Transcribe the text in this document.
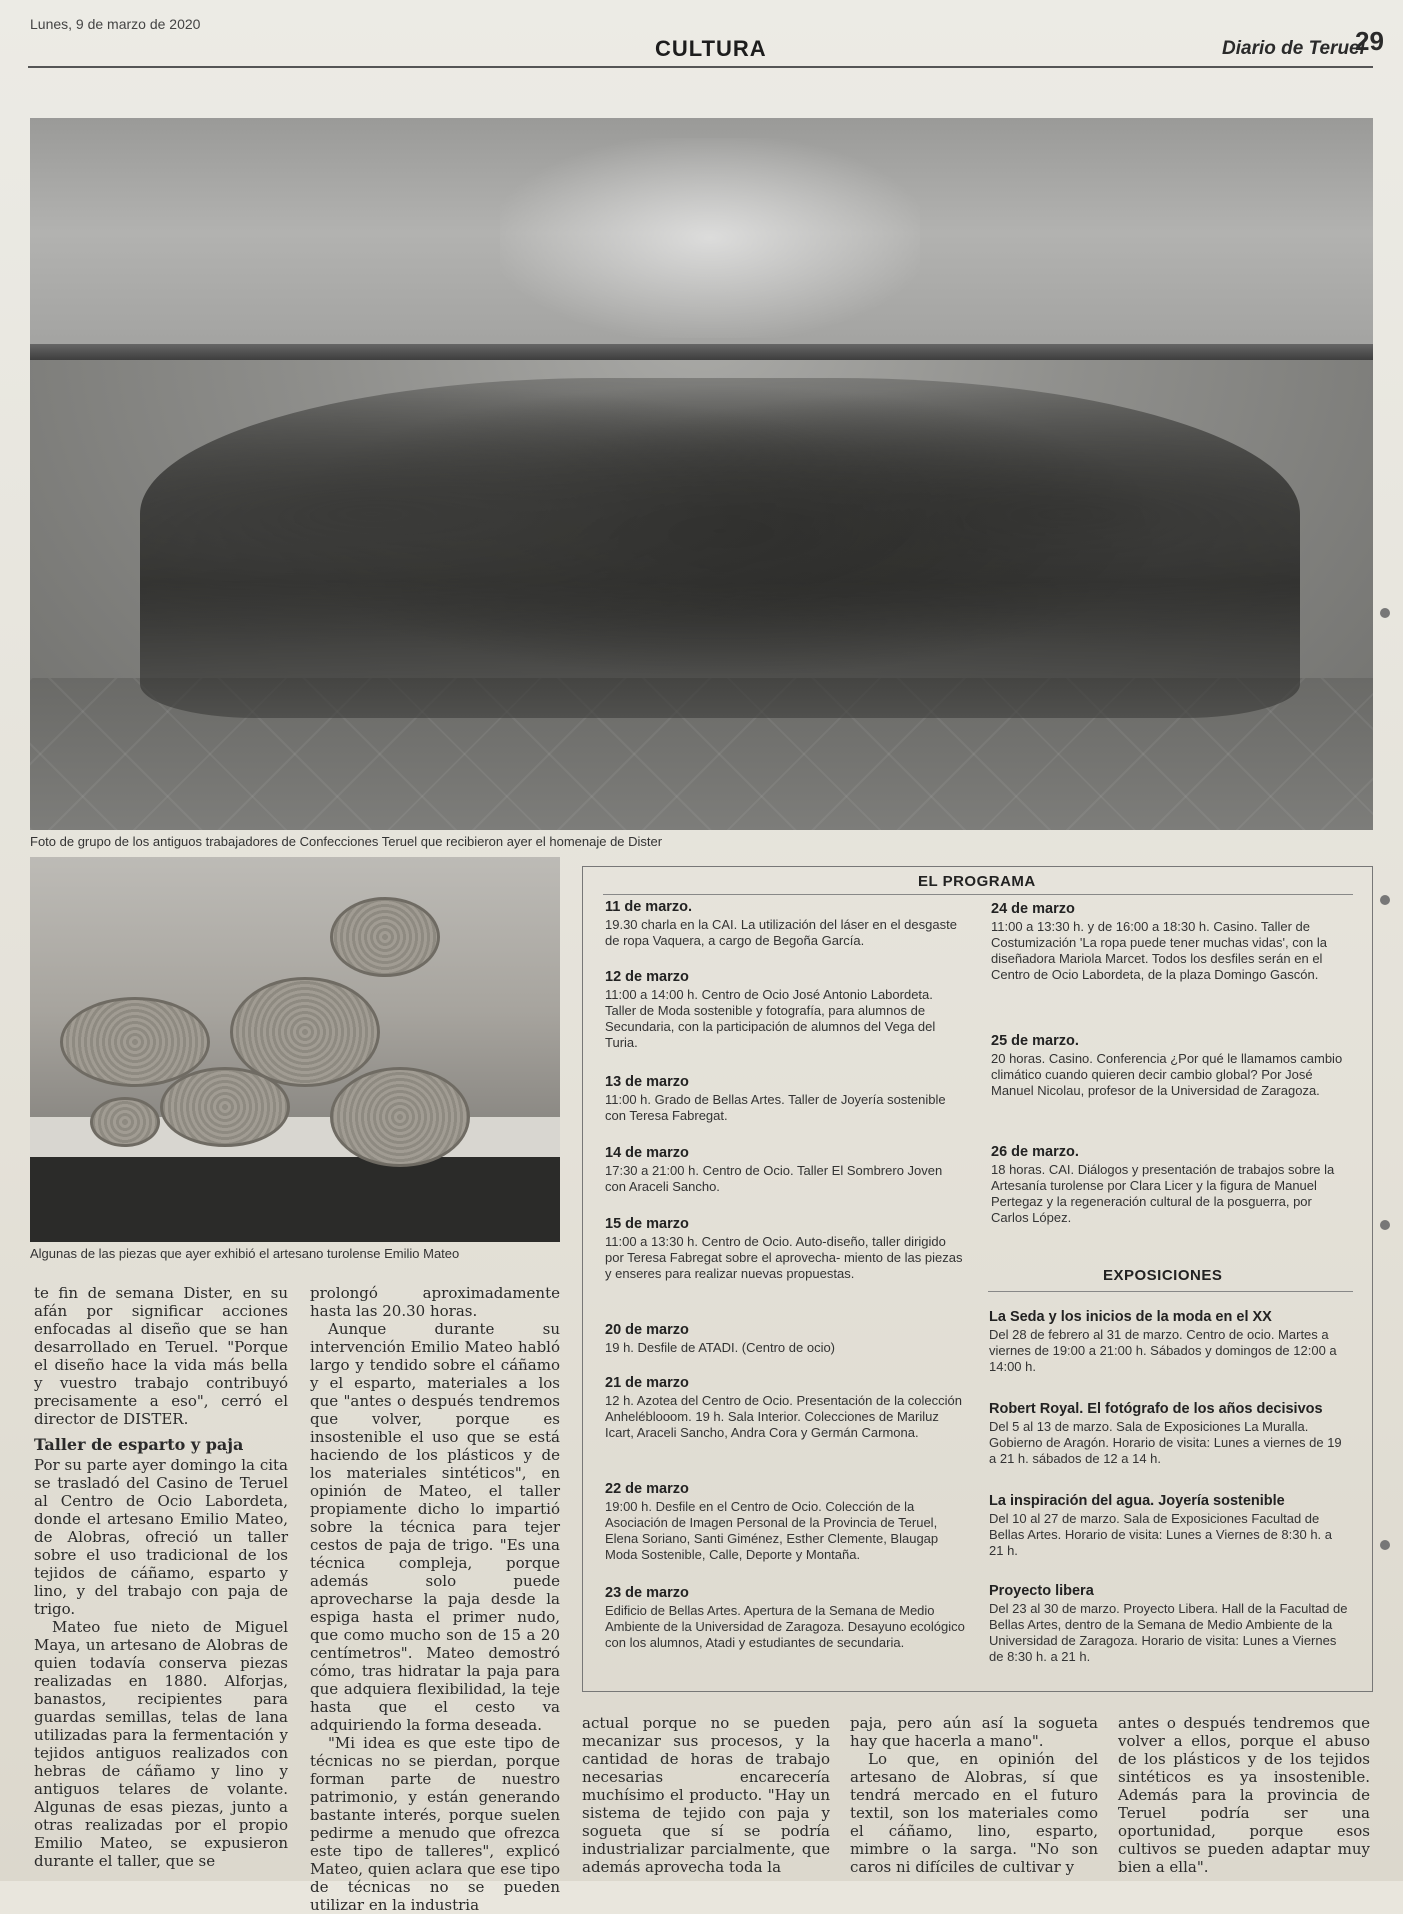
Lunes, 9 de marzo de 2020
CULTURA	Diario de Teruel
29
Foto de grupo de los antiguos trabajadores de Confecciones Teruel que recibieron ayer el homenaje de Dister
Algunas de las piezas que ayer exhibió el artesano turolense Emilio Mateo

te fin de semana Dister, en su afán por significar acciones enfocadas al diseño que se han desarrollado en Teruel. "Porque el diseño hace la vida más bella y vuestro trabajo contribuyó precisamente a eso", cerró el director de DISTER.

Taller de esparto y paja

Por su parte ayer domingo la cita se trasladó del Casino de Teruel al Centro de Ocio Labordeta, donde el artesano Emilio Mateo, de Alobras, ofreció un taller sobre el uso tradicional de los tejidos de cáñamo, esparto y lino, y del trabajo con paja de trigo.

Mateo fue nieto de Miguel Maya, un artesano de Alobras de quien todavía conserva piezas realizadas en 1880. Alforjas, banastos, recipientes para guardas semillas, telas de lana utilizadas para la fermentación y tejidos antiguos realizados con hebras de cáñamo y lino y antiguos telares de volante. Algunas de esas piezas, junto a otras realizadas por el propio Emilio Mateo, se expusieron durante el taller, que se

prolongó aproximadamente hasta las 20.30 horas.

Aunque durante su intervención Emilio Mateo habló largo y tendido sobre el cáñamo y el esparto, materiales a los que "antes o después tendremos que volver, porque es insostenible el uso que se está haciendo de los plásticos y de los materiales sintéticos", en opinión de Mateo, el taller propiamente dicho lo impartió sobre la técnica para tejer cestos de paja de trigo. "Es una técnica compleja, porque además solo puede aprovecharse la paja desde la espiga hasta el primer nudo, que como mucho son de 15 a 20 centímetros". Mateo demostró cómo, tras hidratar la paja para que adquiera flexibilidad, la teje hasta que el cesto va adquiriendo la forma deseada.

"Mi idea es que este tipo de técnicas no se pierdan, porque forman parte de nuestro patrimonio, y están generando bastante interés, porque suelen pedirme a menudo que ofrezca este tipo de talleres", explicó Mateo, quien aclara que ese tipo de técnicas no se pueden utilizar en la industria

actual porque no se pueden mecanizar sus procesos, y la cantidad de horas de trabajo necesarias encarecería muchísimo el producto. "Hay un sistema de tejido con paja y sogueta que sí se podría industrializar parcialmente, que además aprovecha toda la

paja, pero aún así la sogueta hay que hacerla a mano".

Lo que, en opinión del artesano de Alobras, sí que tendrá mercado en el futuro textil, son los materiales como el cáñamo, lino, esparto, mimbre o la sarga. "No son caros ni difíciles de cultivar y

antes o después tendremos que volver a ellos, porque el abuso de los plásticos y de los tejidos sintéticos es ya insostenible. Además para la provincia de Teruel podría ser una oportunidad, porque esos cultivos se pueden adaptar muy bien a ella".

EL PROGRAMA
11 de marzo.
19.30 charla en la CAI. La utilización del láser en el desgaste de ropa Vaquera, a cargo de Begoña García.
12 de marzo
11:00 a 14:00 h. Centro de Ocio José Antonio Labordeta. Taller de Moda sostenible y fotografía, para alumnos de Secundaria, con la participación de alumnos del Vega del Turia.
13 de marzo
11:00 h. Grado de Bellas Artes. Taller de Joyería sostenible con Teresa Fabregat.
14 de marzo
17:30 a 21:00 h. Centro de Ocio. Taller El Sombrero Joven con Araceli Sancho.
15 de marzo
11:00 a 13:30 h. Centro de Ocio. Auto-diseño, taller dirigido por Teresa Fabregat sobre el aprovecha- miento de las piezas y enseres para realizar nuevas propuestas.
20 de marzo
19 h. Desfile de ATADI. (Centro de ocio)
21 de marzo
12 h. Azotea del Centro de Ocio. Presentación de la colección Anheléblooom. 19 h. Sala Interior. Colecciones de Mariluz Icart, Araceli Sancho, Andra Cora y Germán Carmona.
22 de marzo
19:00 h. Desfile en el Centro de Ocio. Colección de la Asociación de Imagen Personal de la Provincia de Teruel, Elena Soriano, Santi Giménez, Esther Clemente, Blaugap Moda Sostenible, Calle, Deporte y Montaña.
23 de marzo
Edificio de Bellas Artes. Apertura de la Semana de Medio Ambiente de la Universidad de Zaragoza. Desayuno ecológico con los alumnos, Atadi y estudiantes de secundaria.
24 de marzo
11:00 a 13:30 h. y de 16:00 a 18:30 h. Casino. Taller de Costumización 'La ropa puede tener muchas vidas', con la diseñadora Mariola Marcet. Todos los desfiles serán en el Centro de Ocio Labordeta, de la plaza Domingo Gascón.
25 de marzo.
20 horas. Casino. Conferencia ¿Por qué le llamamos cambio climático cuando quieren decir cambio global? Por José Manuel Nicolau, profesor de la Universidad de Zaragoza.
26 de marzo.
18 horas. CAI. Diálogos y presentación de trabajos sobre la Artesanía turolense por Clara Licer y la figura de Manuel Pertegaz y la regeneración cultural de la posguerra, por Carlos López.
EXPOSICIONES
La Seda y los inicios de la moda en el XX
Del 28 de febrero al 31 de marzo. Centro de ocio. Martes a viernes de 19:00 a 21:00 h. Sábados y domingos de 12:00 a 14:00 h.
Robert Royal. El fotógrafo de los años decisivos
Del 5 al 13 de marzo. Sala de Exposiciones La Muralla. Gobierno de Aragón. Horario de visita: Lunes a viernes de 19 a 21 h. sábados de 12 a 14 h.
La inspiración del agua. Joyería sostenible
Del 10 al 27 de marzo. Sala de Exposiciones Facultad de Bellas Artes. Horario de visita: Lunes a Viernes de 8:30 h. a 21 h.
Proyecto libera
Del 23 al 30 de marzo. Proyecto Libera. Hall de la Facultad de Bellas Artes, dentro de la Semana de Medio Ambiente de la Universidad de Zaragoza. Horario de visita: Lunes a Viernes de 8:30 h. a 21 h.
